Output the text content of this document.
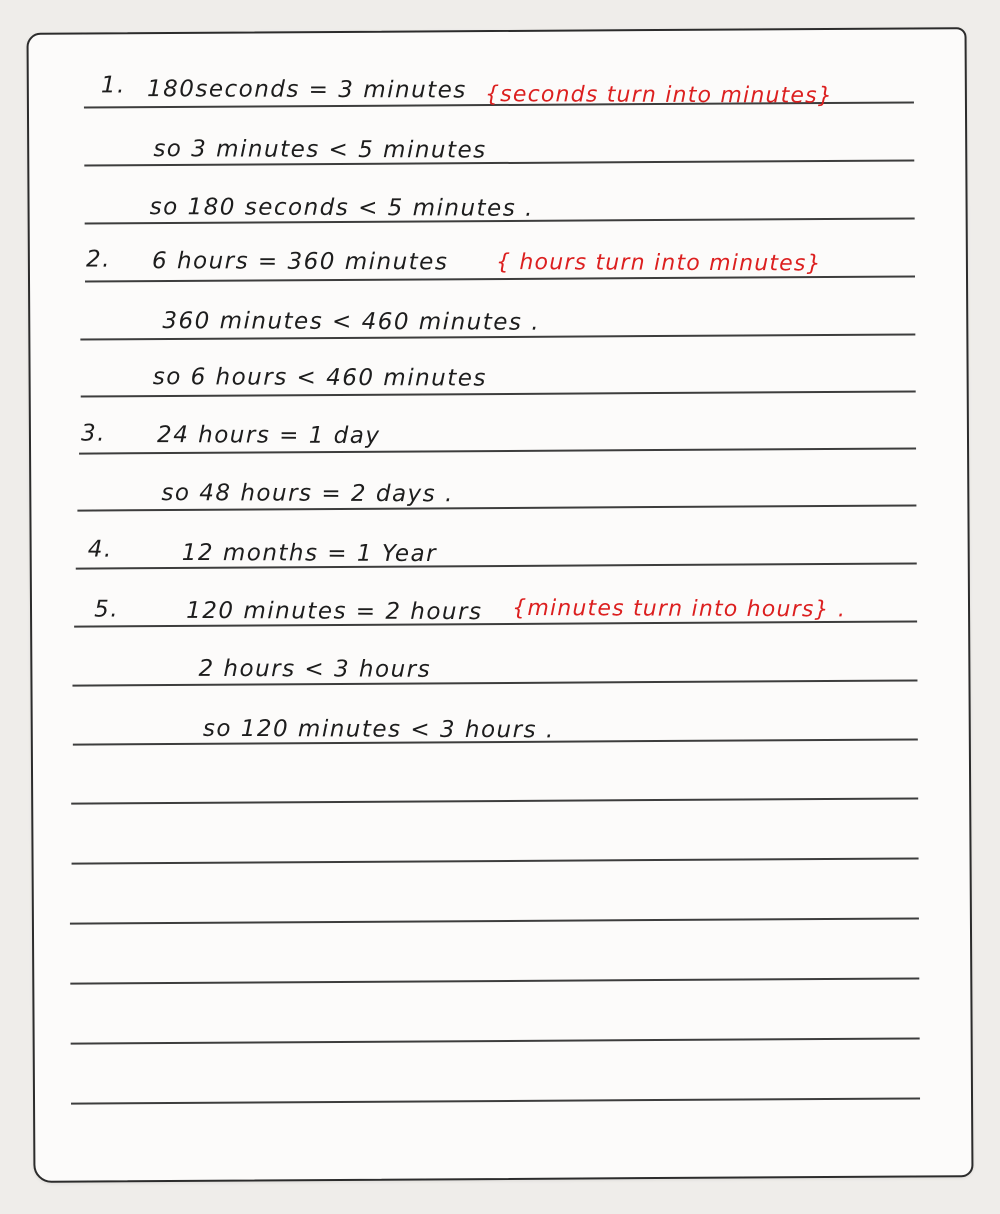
1. 180seconds = 3 minutes {seconds turn into minutes}
so 3 minutes < 5 minutes
so 180 seconds < 5 minutes .
2. 6 hours = 360 minutes { hours turn into minutes}
360 minutes < 460 minutes .
so 6 hours < 460 minutes
3. 24 hours = 1 day
so 48 hours = 2 days .
4.	12 months = 1 Year
5.	120 minutes = 2 hours {minutes turn into hours} .
2 hours < 3 hours
so 120 minutes < 3 hours .
